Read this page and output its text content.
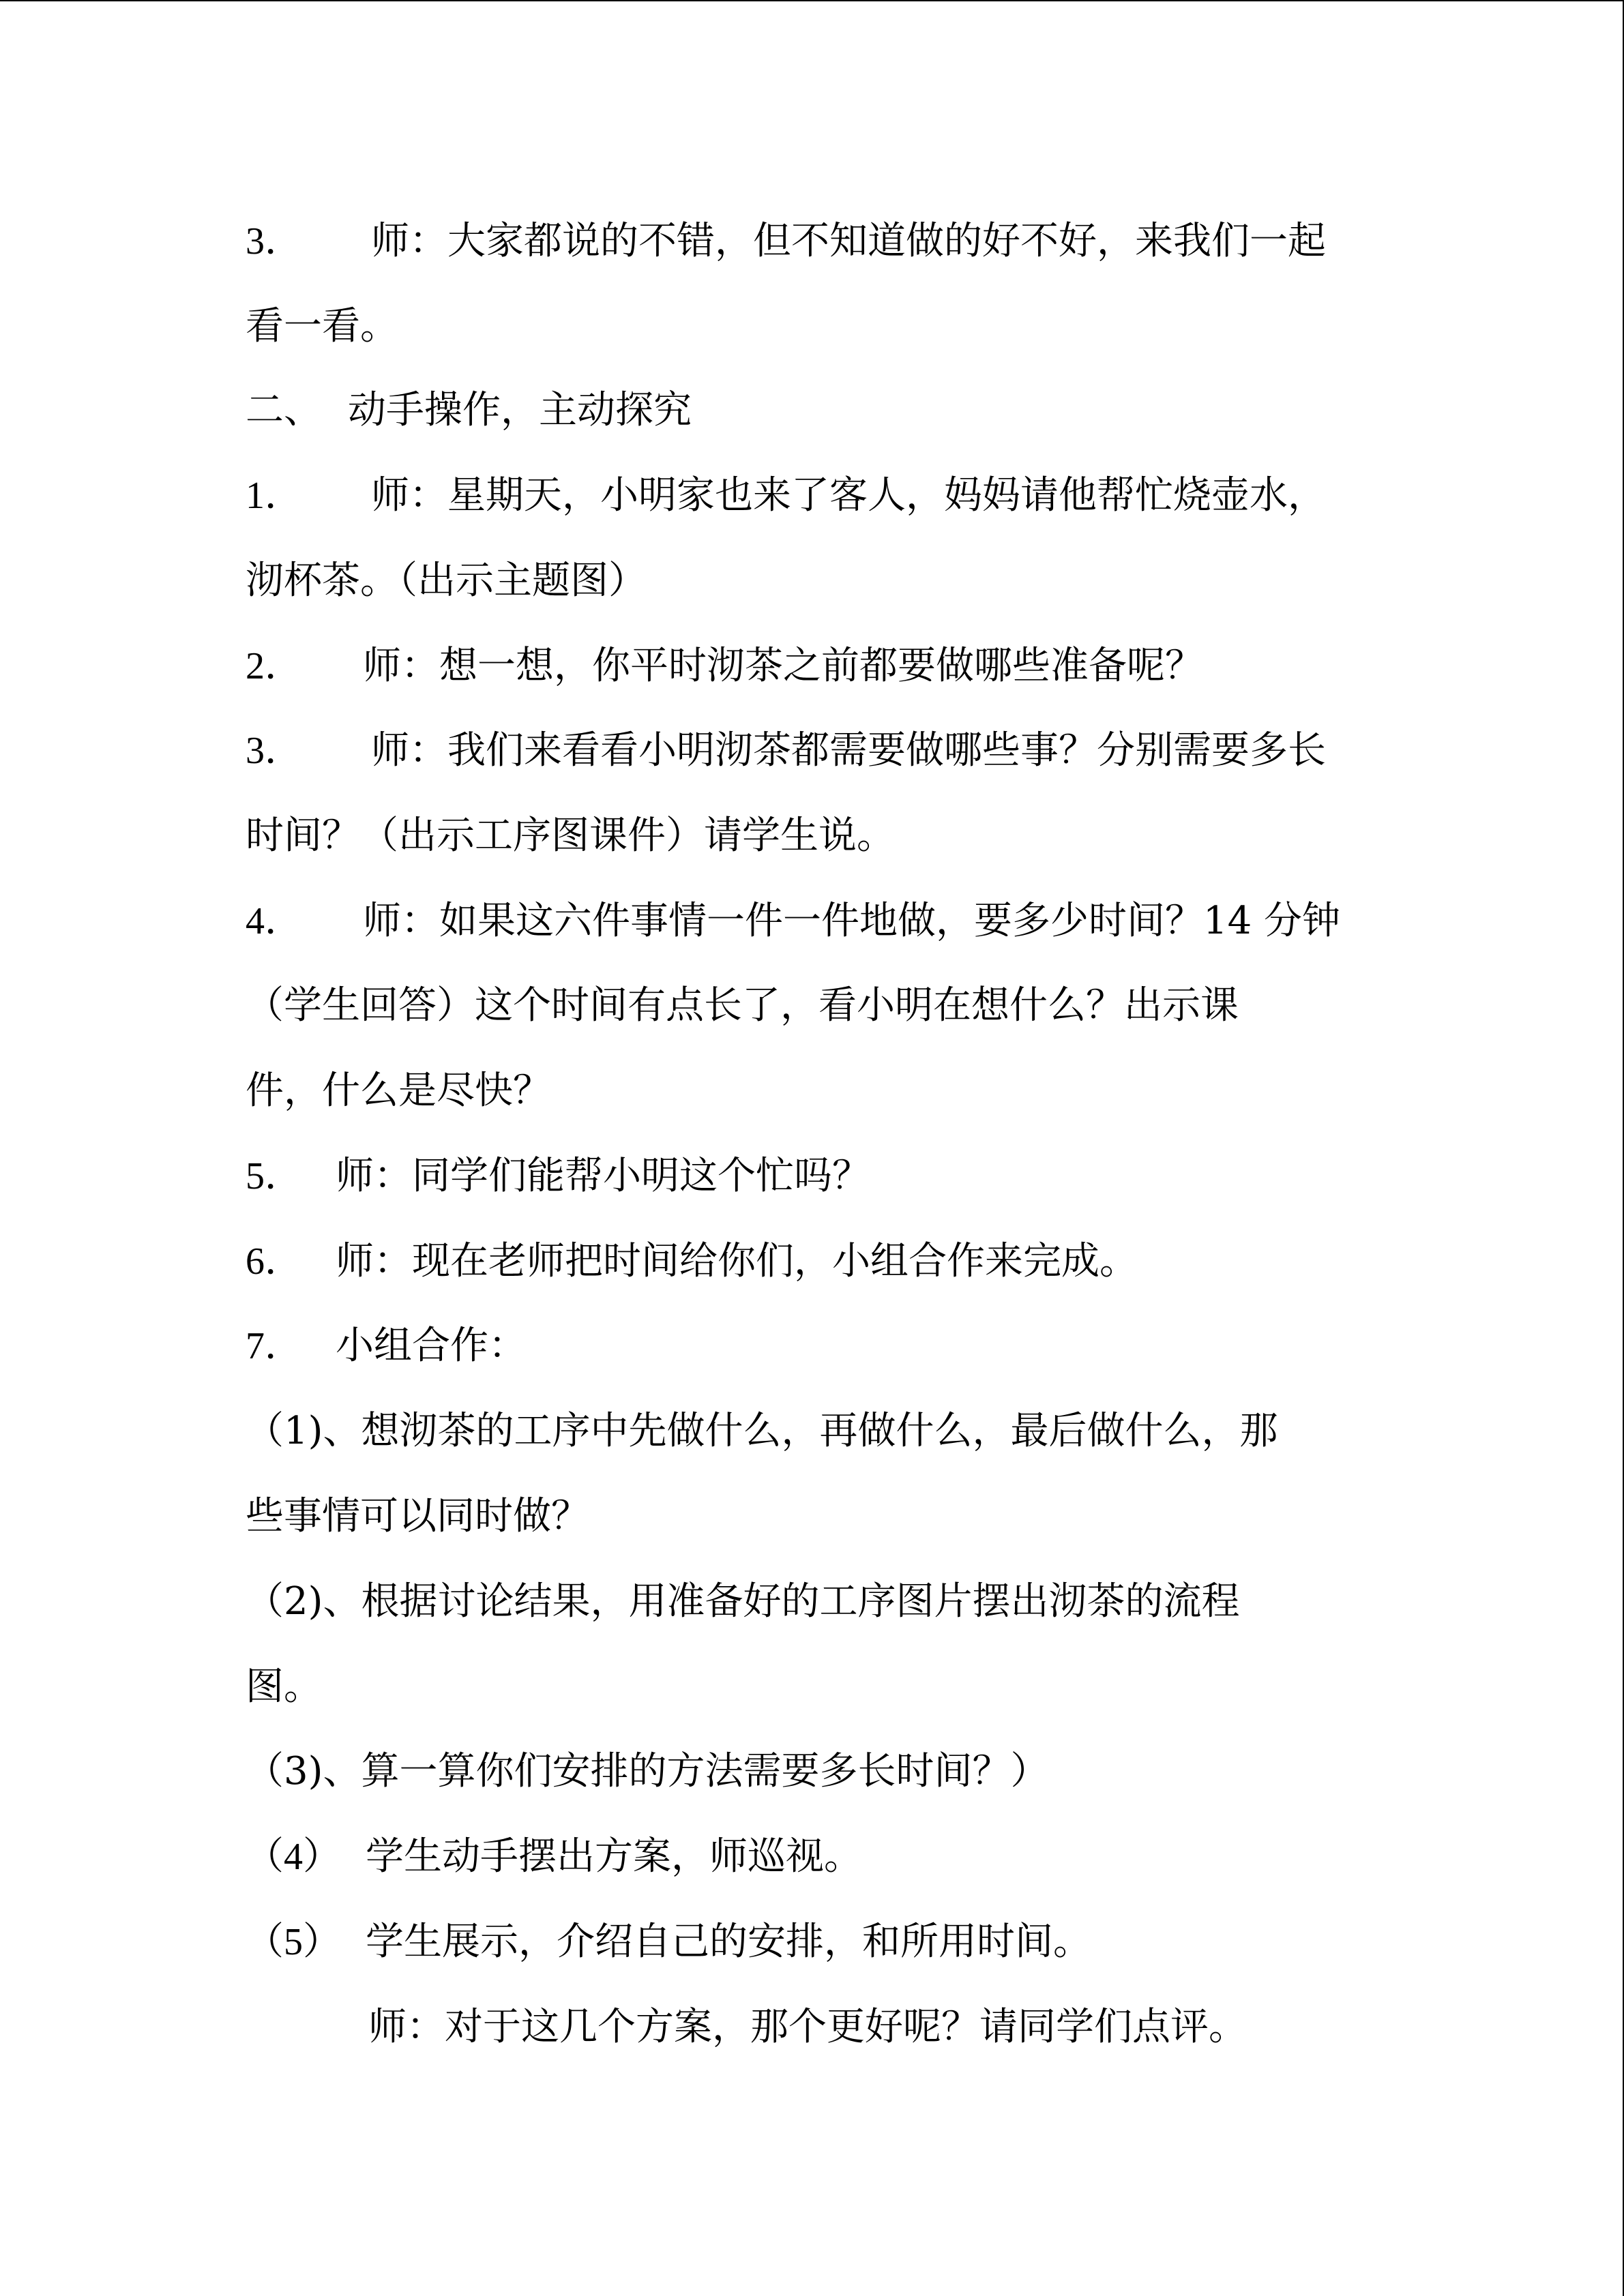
3． 师：大家都说的不错，但不知道做的好不好，来我们一起
看一看。
二、 动手操作，主动探究
1． 师：星期天，小明家也来了客人，妈妈请他帮忙烧壶水，
沏杯茶。（出示主题图）
2． 师：想一想，你平时沏茶之前都要做哪些准备呢？
3． 师：我们来看看小明沏茶都需要做哪些事？分别需要多长
时间？（出示工序图课件）请学生说。
4． 师：如果这六件事情一件一件地做，要多少时间？14 分钟
（学生回答）这个时间有点长了，看小明在想什么？出示课
件，什么是尽快？
5． 师：同学们能帮小明这个忙吗？
6． 师：现在老师把时间给你们，小组合作来完成。
7． 小组合作：
（1)、想沏茶的工序中先做什么，再做什么，最后做什么，那
些事情可以同时做？
（2)、根据讨论结果，用准备好的工序图片摆出沏茶的流程
图。
（3)、算一算你们安排的方法需要多长时间？）
（4） 学生动手摆出方案，师巡视。
（5） 学生展示，介绍自己的安排，和所用时间。
师：对于这几个方案，那个更好呢？请同学们点评。
